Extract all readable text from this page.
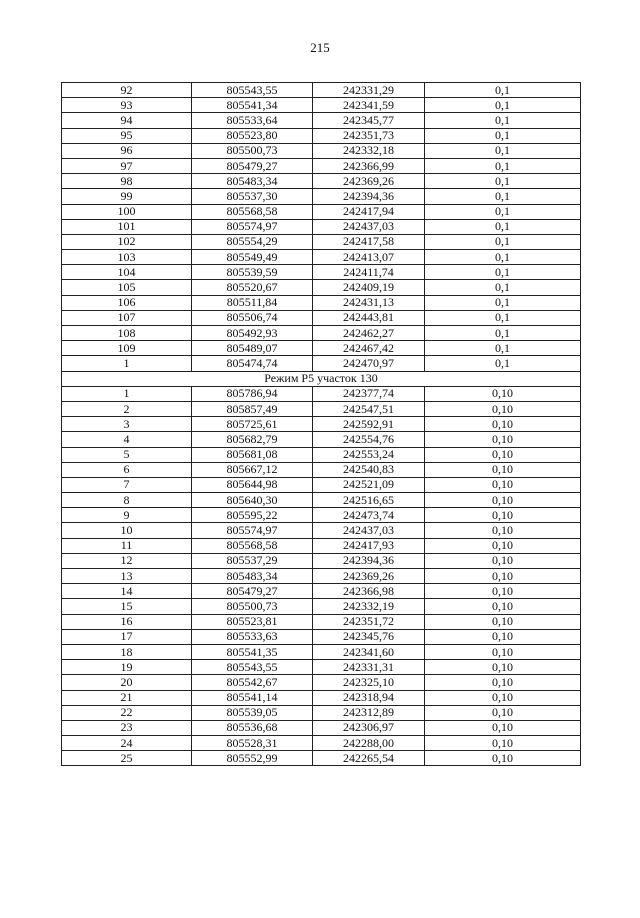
215
92	805543,55	242331,29	0,1
93	805541,34	242341,59	0,1
94	805533,64	242345,77	0,1
95	805523,80	242351,73	0,1
96	805500,73	242332,18	0,1
97	805479,27	242366,99	0,1
98	805483,34	242369,26	0,1
99	805537,30	242394,36	0,1
100	805568,58	242417,94	0,1
101	805574,97	242437,03	0,1
102	805554,29	242417,58	0,1
103	805549,49	242413,07	0,1
104	805539,59	242411,74	0,1
105	805520,67	242409,19	0,1
106	805511,84	242431,13	0,1
107	805506,74	242443,81	0,1
108	805492,93	242462,27	0,1
109	805489,07	242467,42	0,1
1	805474,74	242470,97	0,1
Режим Р5 участок 130			
1	805786,94	242377,74	0,10
2	805857,49	242547,51	0,10
3	805725,61	242592,91	0,10
4	805682,79	242554,76	0,10
5	805681,08	242553,24	0,10
6	805667,12	242540,83	0,10
7	805644,98	242521,09	0,10
8	805640,30	242516,65	0,10
9	805595,22	242473,74	0,10
10	805574,97	242437,03	0,10
11	805568,58	242417,93	0,10
12	805537,29	242394,36	0,10
13	805483,34	242369,26	0,10
14	805479,27	242366,98	0,10
15	805500,73	242332,19	0,10
16	805523,81	242351,72	0,10
17	805533,63	242345,76	0,10
18	805541,35	242341,60	0,10
19	805543,55	242331,31	0,10
20	805542,67	242325,10	0,10
21	805541,14	242318,94	0,10
22	805539,05	242312,89	0,10
23	805536,68	242306,97	0,10
24	805528,31	242288,00	0,10
25	805552,99	242265,54	0,10
